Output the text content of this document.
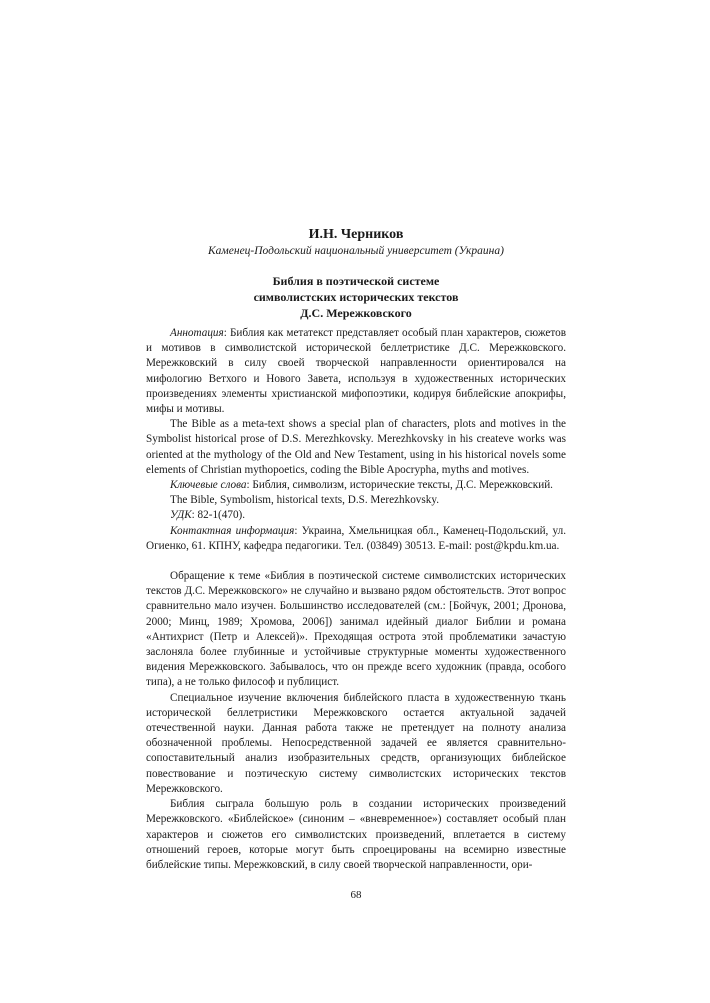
И.Н. Черников
Каменец-Подольский национальный университет (Украина)
Библия в поэтической системе
символистских исторических текстов
Д.С. Мережковского

Аннотация: Библия как метатекст представляет особый план характеров, сюжетов и мотивов в символистской исторической беллетристике Д.С. Мережковского. Мережковский в силу своей творческой направленности ориентировался на мифологию Ветхого и Нового Завета, используя в художественных исторических произведениях элементы христианской мифопоэтики, кодируя библейские апокрифы, мифы и мотивы.

The Bible as a meta-text shows a special plan of characters, plots and motives in the Symbolist historical prose of D.S. Merezhkovsky. Merezhkovsky in his createve works was oriented at the mythology of the Old and New Testament, using in his historical novels some elements of Christian mythopoetics, coding the Bible Apocrypha, myths and motives.

Ключевые слова: Библия, символизм, исторические тексты, Д.С. Мережковский.

The Bible, Symbolism, historical texts, D.S. Merezhkovsky.

УДК: 82-1(470).

Контактная информация: Украина, Хмельницкая обл., Каменец-Подольский, ул. Огиенко, 61. КПНУ, кафедра педагогики. Тел. (03849) 30513. E-mail: post@kpdu.km.ua.

Обращение к теме «Библия в поэтической системе символистских исторических текстов Д.С. Мережковского» не случайно и вызвано рядом обстоятельств. Этот вопрос сравнительно мало изучен. Большинство исследователей (см.: [Бойчук, 2001; Дронова, 2000; Минц, 1989; Хромова, 2006]) занимал идейный диалог Библии и романа «Антихрист (Петр и Алексей)». Преходящая острота этой проблематики зачастую заслоняла более глубинные и устойчивые структурные моменты художественного видения Мережковского. Забывалось, что он прежде всего художник (правда, особого типа), а не только философ и публицист.

Специальное изучение включения библейского пласта в художественную ткань исторической беллетристики Мережковского остается актуальной задачей отечественной науки. Данная работа также не претендует на полноту анализа обозначенной проблемы. Непосредственной задачей ее является сравнительно-сопоставительный анализ изобразительных средств, организующих библейское повествование и поэтическую систему символистских исторических текстов Мережковского.

Библия сыграла большую роль в создании исторических произведений Мережковского. «Библейское» (синоним – «вневременное») составляет особый план характеров и сюжетов его символистских произведений, вплетается в систему отношений героев, которые могут быть спроецированы на всемирно известные библейские типы. Мережковский, в силу своей творческой направленности, ори-

68
